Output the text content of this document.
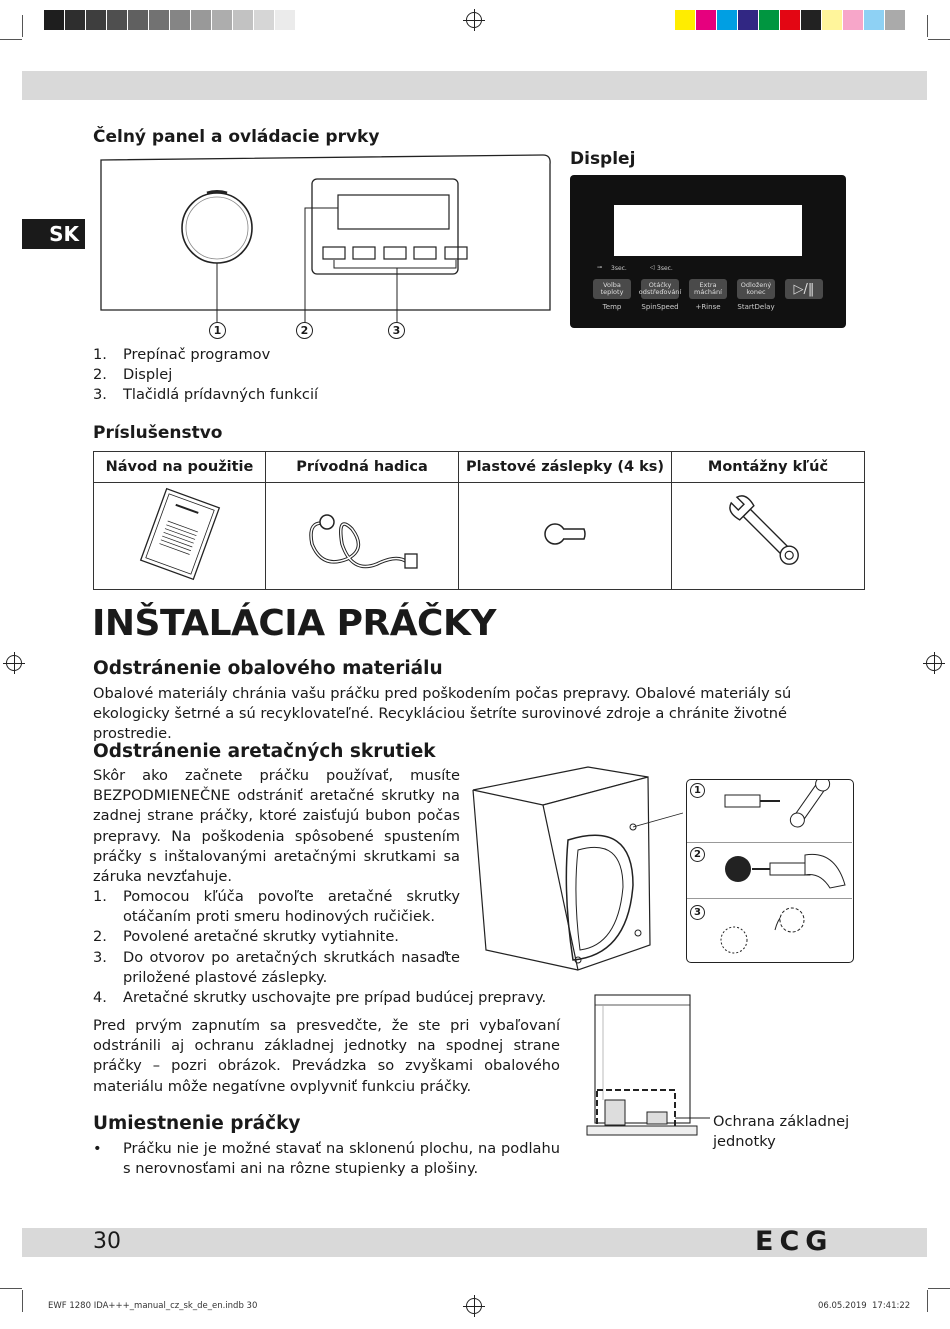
SK
Čelný panel a ovládacie prvky
1	2	3
1. Prepínač programov
2. Displej
3. Tlačidlá prídavných funkcií
Displej
⊸ 3sec.	◁ 3sec.
Volba teploty
Otáčky odstřeďování
Extra máchání
Odložený konec	▷/‖
Temp	SpinSpeed	+Rinse	StartDelay
Príslušenstvo
Návod na použitie	Prívodná hadica	Plastové záslepky (4 ks)	Montážny kľúč

INŠTALÁCIA PRÁČKY
Odstránenie obalového materiálu
Obalové materiály chránia vašu práčku pred poškodením počas prepravy. Obalové materiály sú ekologicky šetrné a sú recyklovateľné. Recykláciou šetríte surovinové zdroje a chránite životné prostredie.
Odstránenie aretačných skrutiek
Skôr ako začnete práčku používať, musíte BEZPODMIENEČNE odstrániť aretačné skrutky na zadnej strane práčky, ktoré zaisťujú bubon počas prepravy. Na poškodenia spôsobené spustením práčky s inštalovanými aretačnými skrutkami sa záruka nevzťahuje.
1. Pomocou kľúča povoľte aretačné skrutky otáčaním proti smeru hodinových ručičiek.
2. Povolené aretačné skrutky vytiahnite.
3. Do otvorov po aretačných skrutkách nasaďte priložené plastové záslepky.
4. Aretačné skrutky uschovajte pre prípad budúcej prepravy.
1
2
3
Pred prvým zapnutím sa presvedčte, že ste pri vybaľovaní odstránili aj ochranu základnej jednotky na spodnej strane práčky – pozri obrázok. Prevádzka so zvyškami obalového materiálu môže negatívne ovplyvniť funkciu práčky.
Ochrana základnej jednotky
Umiestnenie práčky
• Práčku nie je možné stavať na sklonenú plochu, na podlahu s nerovnosťami ani na rôzne stupienky a plošiny.
30	ECG
EWF 1280 IDA+++_manual_cz_sk_de_en.indb 30	06.05.2019 17:41:22
